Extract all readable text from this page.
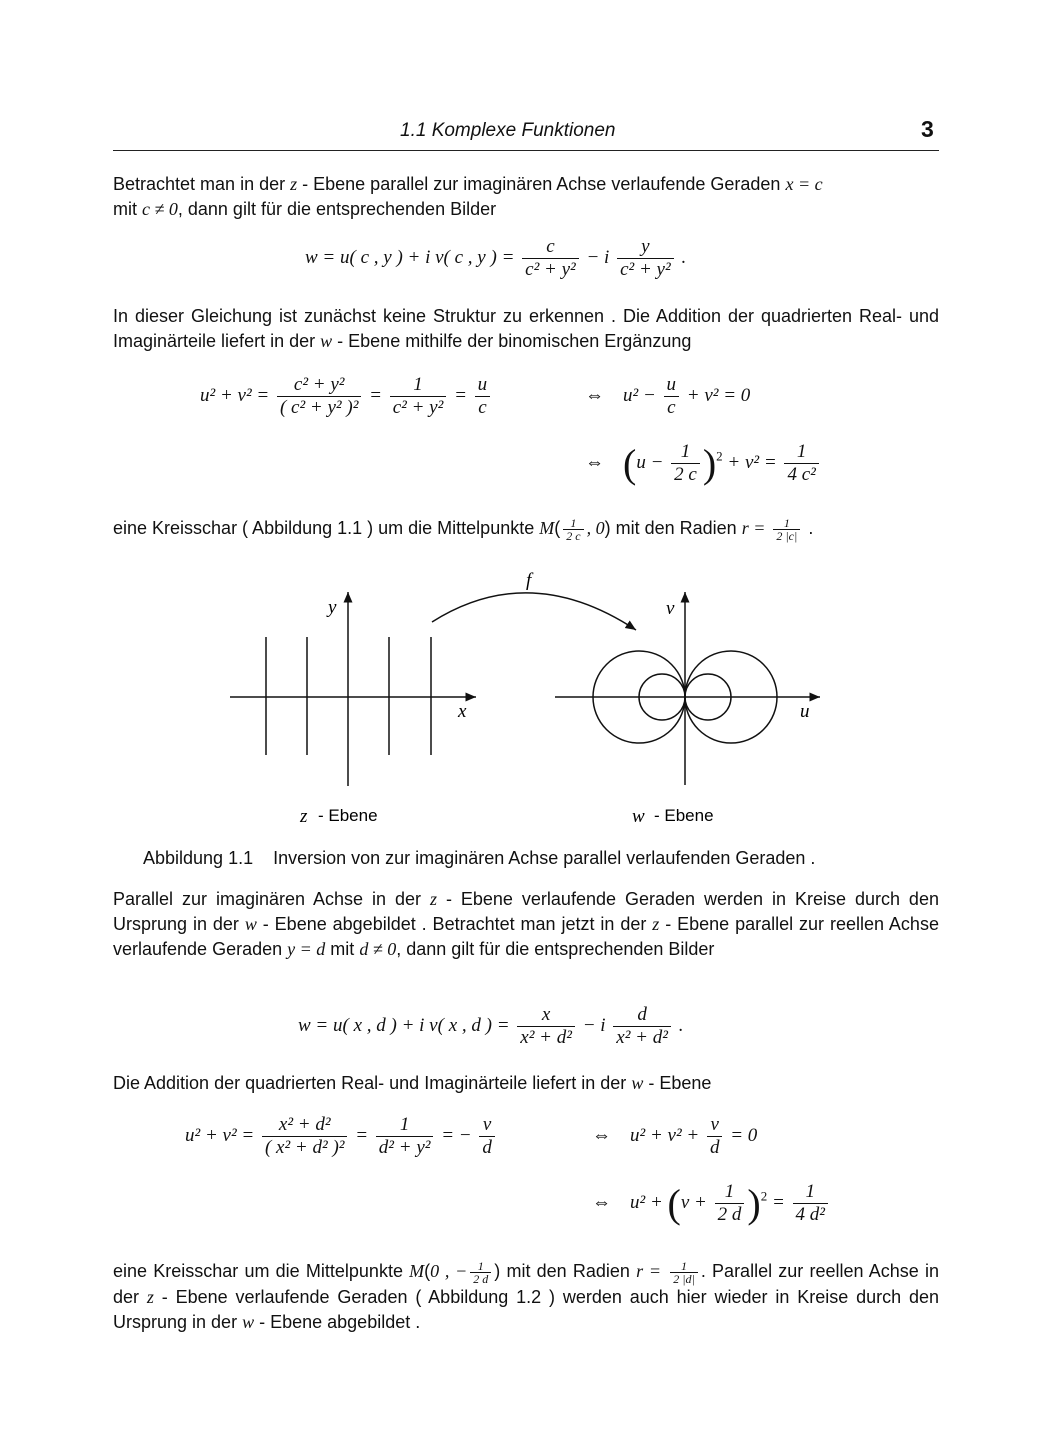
1.1 Komplexe Funktionen	3
Betrachtet man in der z - Ebene parallel zur imaginären Achse verlaufende Geraden x = c
mit c ≠ 0, dann gilt für die entsprechenden Bilder
w = u( c , y ) + i v( c , y ) = $\frac{c}{\text{c² + y²}} - i \frac{y}{\text{c² + y²}}$ .
In dieser Gleichung ist zunächst keine Struktur zu erkennen . Die Addition der quadrierten Real- und Imaginärteile liefert in der w - Ebene mithilfe der binomischen Ergänzung
$u^2 + v^2 = \frac{\text{c² + y²}}{\text{( c² + y² )²}} = \frac{1}{\text{c² + y²}} = \frac{u}{c}$	⇔ $u^2 - \frac{u}{c} + v^2 = 0$
⇔ $(u - \frac{1}{2 c} )^2 + v^2 = \frac{1}{\text{4 c²}}$
eine Kreisschar ( Abbildung 1.1 ) um die Mittelpunkte $M( \frac{1}{2 c}$ , 0) mit den Radien $r = \frac{1}{2 |c|}$ .
y
x
f
v
u
z - Ebene	w - Ebene
Abbildung 1.1 Inversion von zur imaginären Achse parallel verlaufenden Geraden .
Parallel zur imaginären Achse in der z - Ebene verlaufende Geraden werden in Kreise durch den Ursprung in der w - Ebene abgebildet . Betrachtet man jetzt in der z - Ebene parallel zur reellen Achse verlaufende Geraden y = d mit d ≠ 0, dann gilt für die entsprechenden Bilder
w = u( x , d ) + i v( x , d ) = $\frac{x}{\text{x² + d²}} - i \frac{d}{\text{x² + d²}}$ .
Die Addition der quadrierten Real- und Imaginärteile liefert in der w - Ebene
$u^2 + v^2 = \frac{\text{x² + d²}}{\text{( x² + d² )²}} = \frac{1}{\text{d² + y²}}$ = − $\frac{v}{d}$	⇔ $u^2 + v^2 + \frac{v}{d} = 0$
⇔ $u^2 + (v + \frac{1}{2 d} )^2 = \frac{1}{\text{4 d²}}$
eine Kreisschar um die Mittelpunkte M(0 , − $\frac{1}{2 d}$ ) mit den Radien $r = \frac{1}{2 |d|}$ . Parallel zur reellen Achse in der z - Ebene verlaufende Geraden ( Abbildung 1.2 ) werden auch hier wieder in Kreise durch den Ursprung in der w - Ebene abgebildet .
